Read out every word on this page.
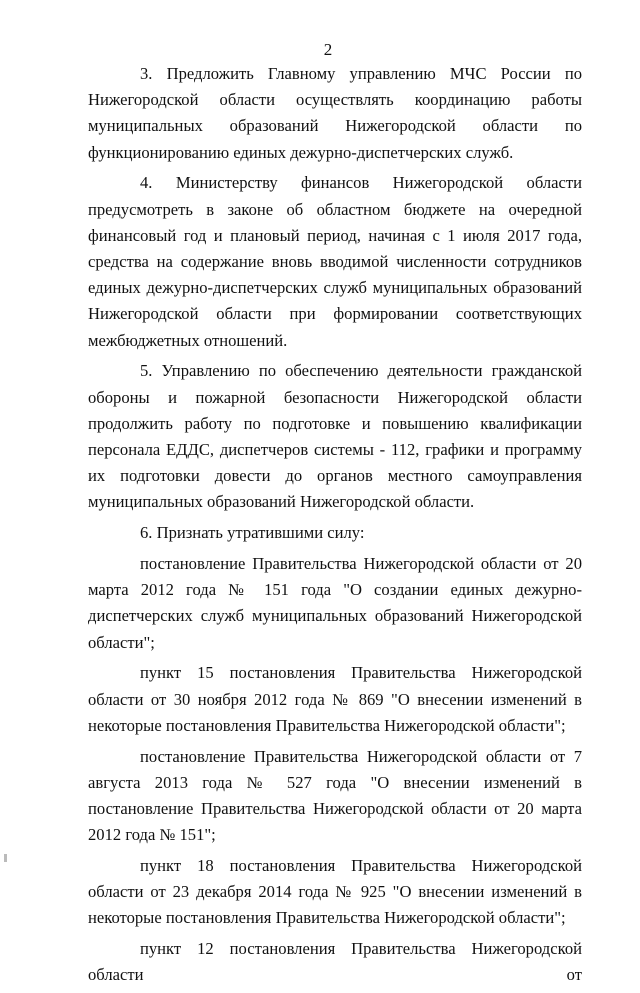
2

3. Предложить Главному управлению МЧС России по Нижегородской области осуществлять координацию работы муниципальных образований Нижегородской области по функционированию единых дежурно-диспетчерских служб.

4. Министерству финансов Нижегородской области предусмотреть в законе об областном бюджете на очередной финансовый год и плановый период, начиная с 1 июля 2017 года, средства на содержание вновь вводимой численности сотрудников единых дежурно-диспетчерских служб муниципальных образований Нижегородской области при формировании соответствующих межбюджетных отношений.

5. Управлению по обеспечению деятельности гражданской обороны и пожарной безопасности Нижегородской области продолжить работу по подготовке и повышению квалификации персонала ЕДДС, диспетчеров системы - 112, графики и программу их подготовки довести до органов местного самоуправления муниципальных образований Нижегородской области.

6. Признать утратившими силу:

постановление Правительства Нижегородской области от 20 марта 2012 года № 151 года "О создании единых дежурно-диспетчерских служб муниципальных образований Нижегородской области";

пункт 15 постановления Правительства Нижегородской области от 30 ноября 2012 года № 869 "О внесении изменений в некоторые постановления Правительства Нижегородской области";

постановление Правительства Нижегородской области от 7 августа 2013 года № 527 года "О внесении изменений в постановление Правительства Нижегородской области от 20 марта 2012 года № 151";

пункт 18 постановления Правительства Нижегородской области от 23 декабря 2014 года № 925 "О внесении изменений в некоторые постановления Правительства Нижегородской области";

пункт 12 постановления Правительства Нижегородской области от
